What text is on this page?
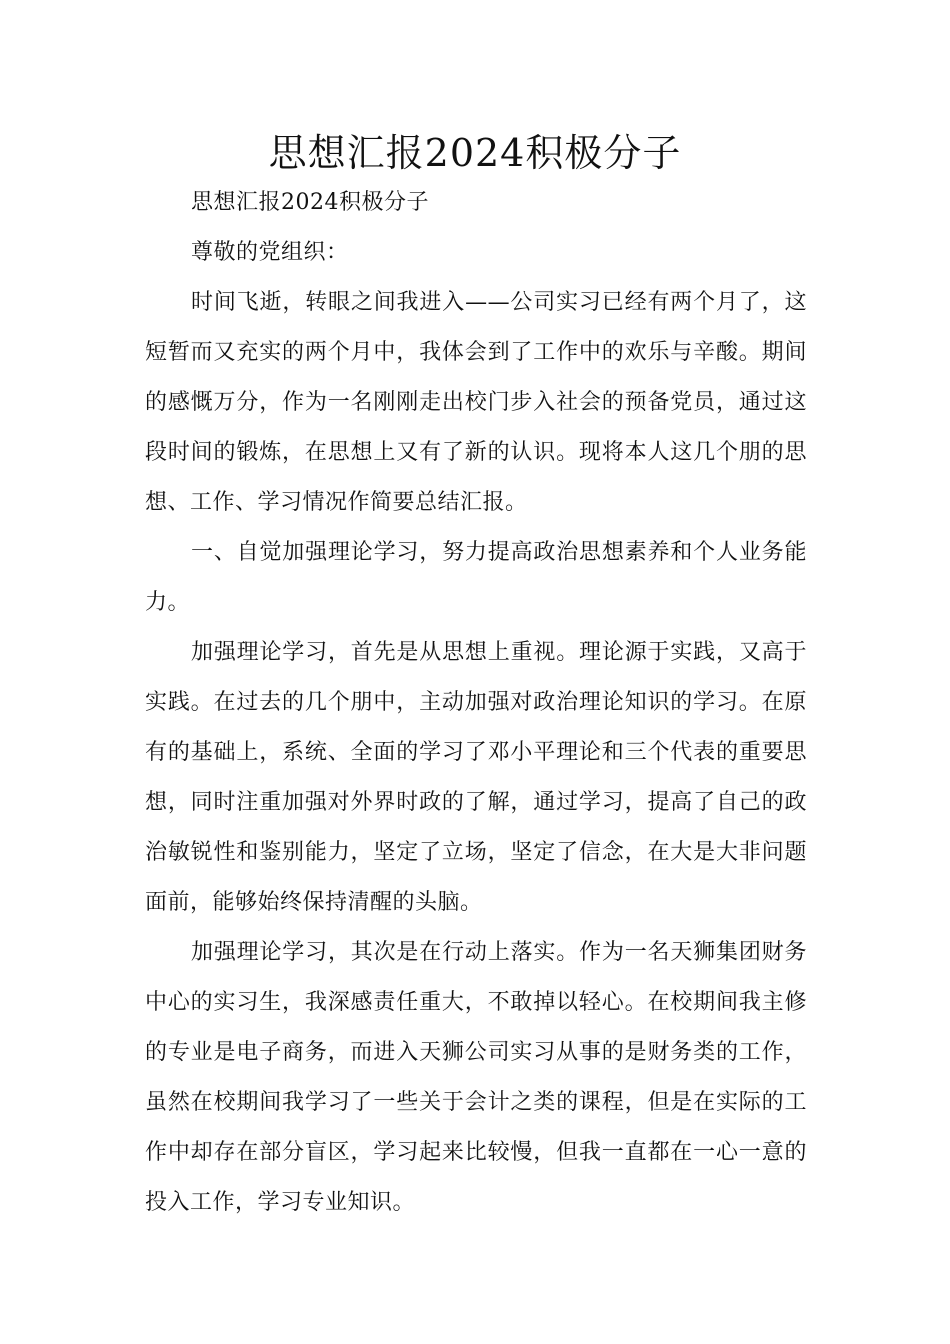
思想汇报2024积极分子

思想汇报2024积极分子

尊敬的党组织：

时间飞逝，转眼之间我进入——公司实习已经有两个月了，这短暂而又充实的两个月中，我体会到了工作中的欢乐与辛酸。期间的感慨万分，作为一名刚刚走出校门步入社会的预备党员，通过这段时间的锻炼，在思想上又有了新的认识。现将本人这几个朋的思想、工作、学习情况作简要总结汇报。

一、自觉加强理论学习，努力提高政治思想素养和个人业务能力。

加强理论学习，首先是从思想上重视。理论源于实践，又高于实践。在过去的几个朋中，主动加强对政治理论知识的学习。在原有的基础上，系统、全面的学习了邓小平理论和三个代表的重要思想，同时注重加强对外界时政的了解，通过学习，提高了自己的政治敏锐性和鉴别能力，坚定了立场，坚定了信念，在大是大非问题面前，能够始终保持清醒的头脑。

加强理论学习，其次是在行动上落实。作为一名天狮集团财务中心的实习生，我深感责任重大，不敢掉以轻心。在校期间我主修的专业是电子商务，而进入天狮公司实习从事的是财务类的工作，虽然在校期间我学习了一些关于会计之类的课程，但是在实际的工作中却存在部分盲区，学习起来比较慢，但我一直都在一心一意的投入工作，学习专业知识。
